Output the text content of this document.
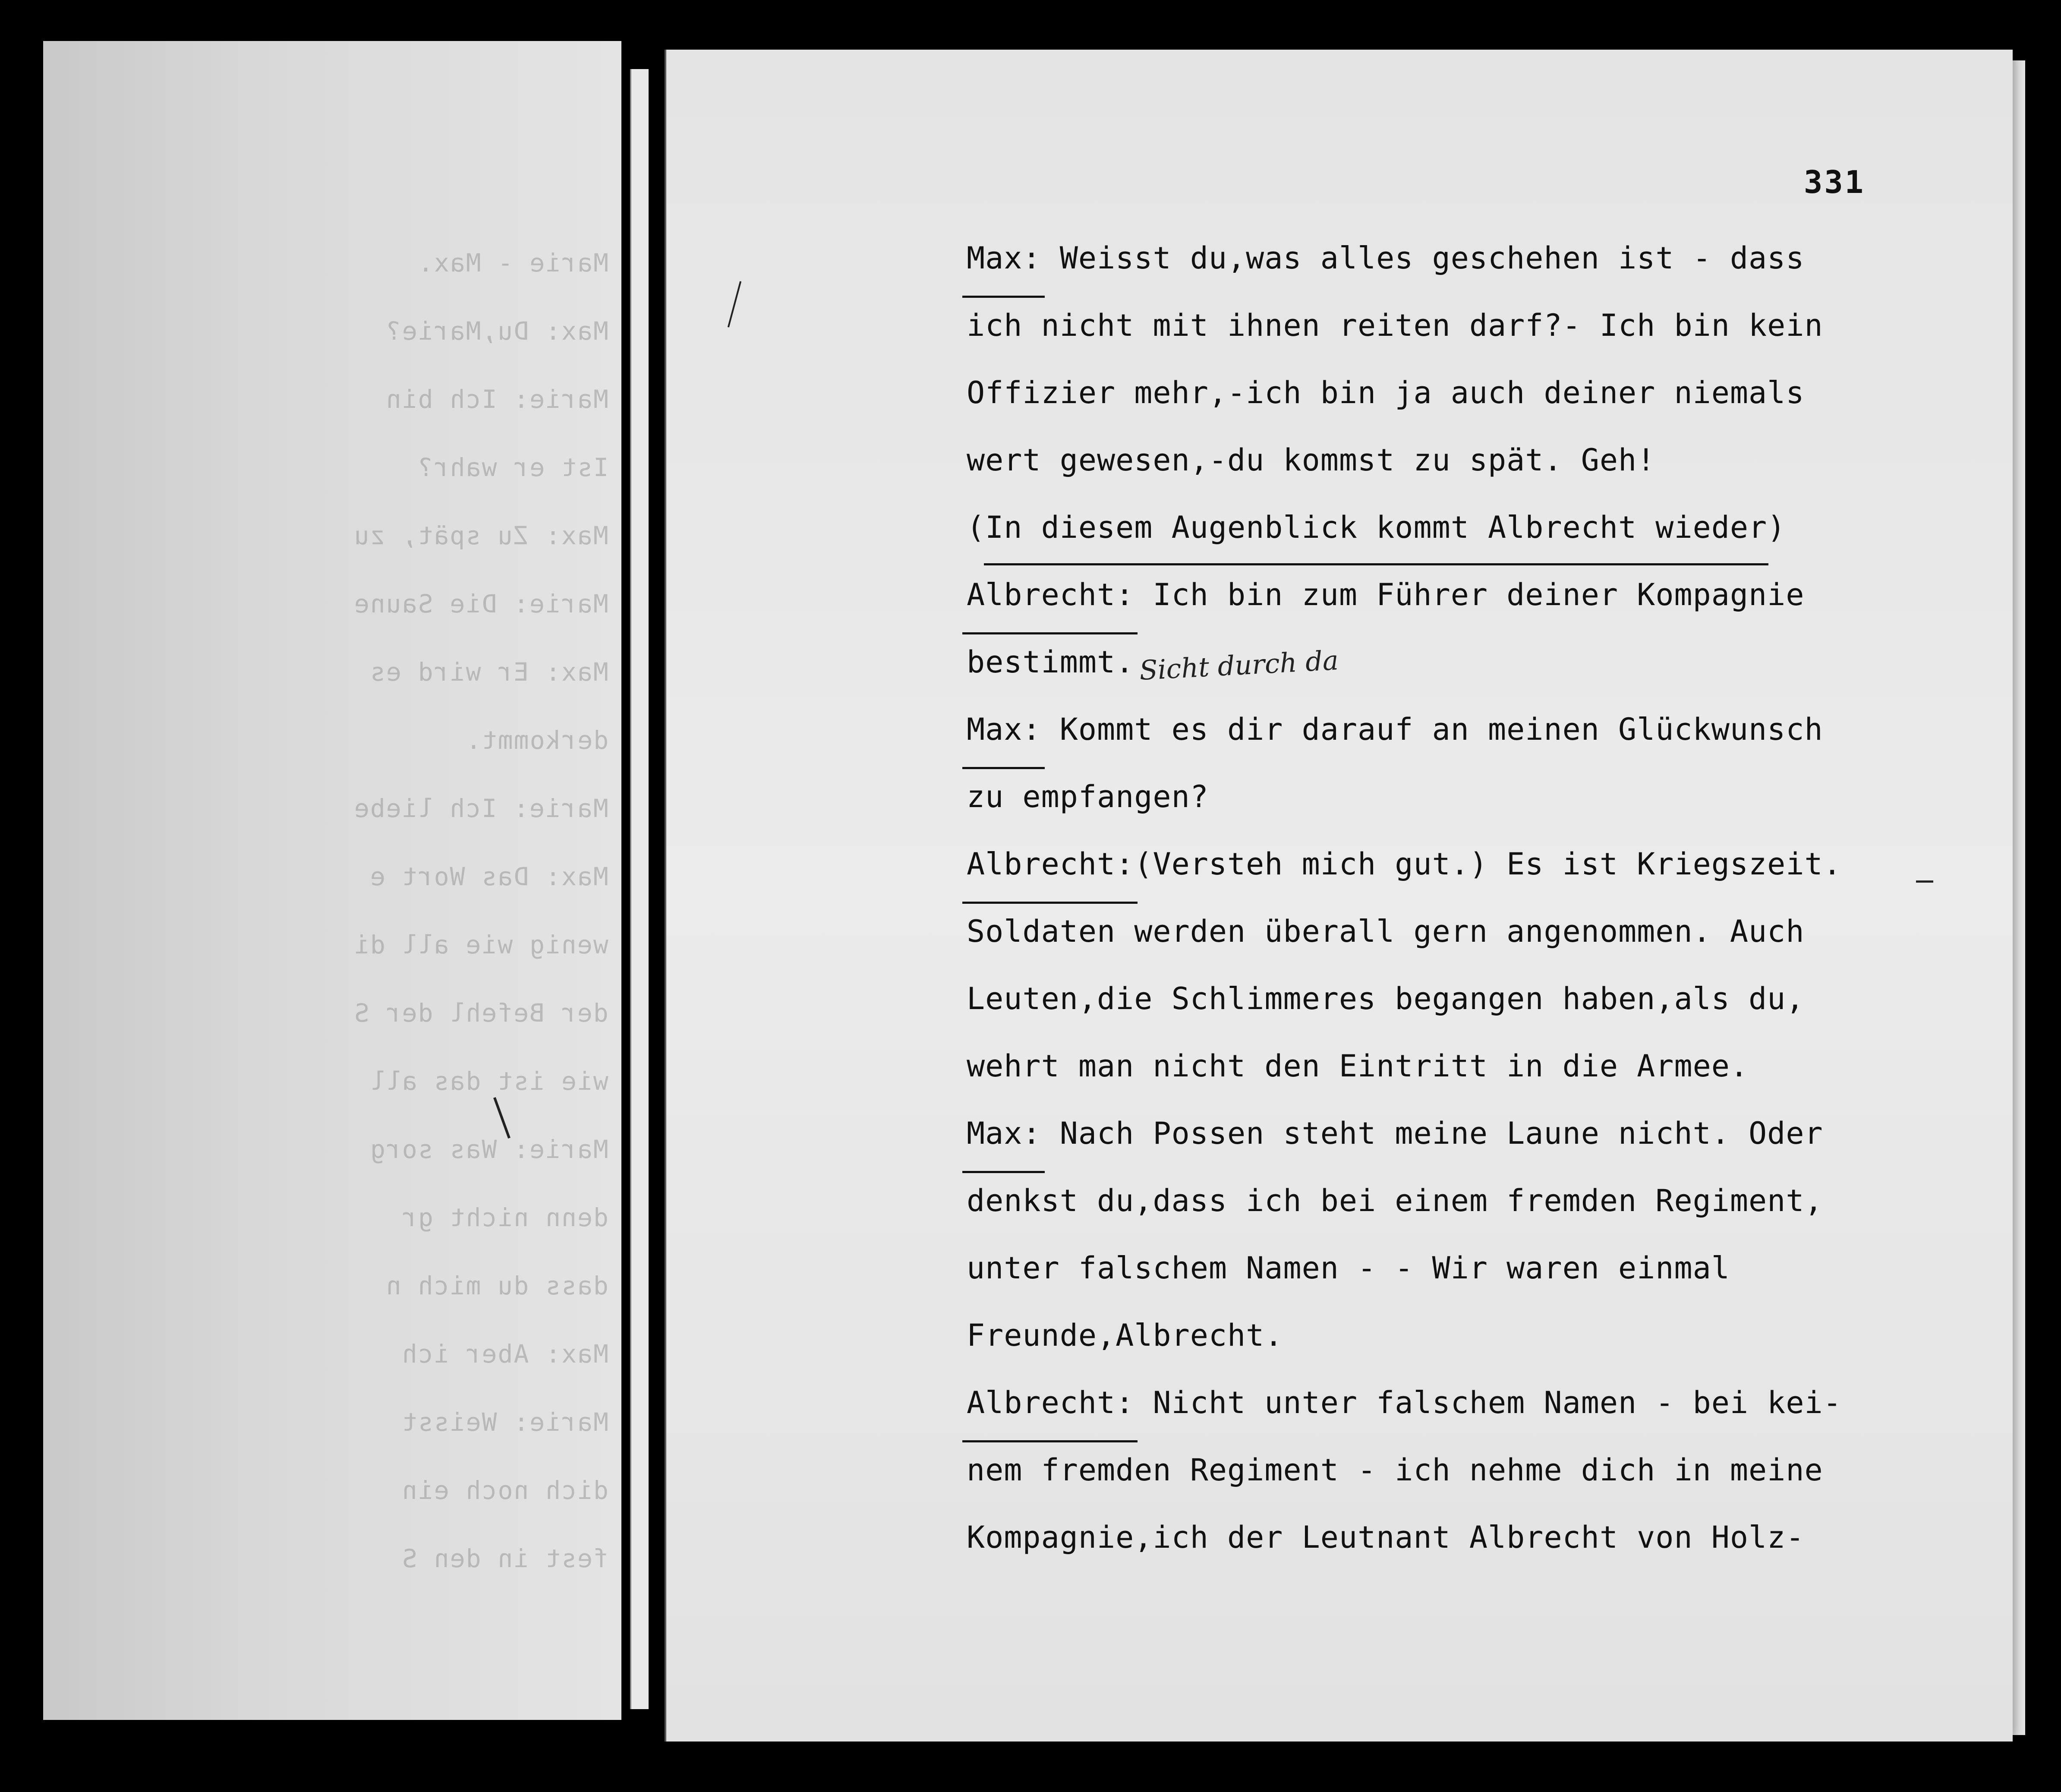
Marie - Max.
Max: Du,Marie?
Marie: Ich bin
Ist er wahr?
Max: Zu spät, zu
Marie: Die Saune
Max: Er wird es
derkommt.
Marie: Ich liebe
Max: Das Wort e
wenig wie all di
der Befehl der S
wie ist das all
Marie: Was sorg
denn nicht gr
dass du mich n
Max: Aber ich
Marie: Weisst
dich noch ein
fest in den S
331
Max: Weisst du,was alles geschehen ist - dass
ich nicht mit ihnen reiten darf?- Ich bin kein
Offizier mehr,-ich bin ja auch deiner niemals
wert gewesen,-du kommst zu spät. Geh!
(In diesem Augenblick kommt Albrecht wieder)
Albrecht: Ich bin zum Führer deiner Kompagnie
bestimmt.
Max: Kommt es dir darauf an meinen Glückwunsch
zu empfangen?
Albrecht:(Versteh mich gut.) Es ist Kriegszeit.
Soldaten werden überall gern angenommen. Auch
Leuten,die Schlimmeres begangen haben,als du,
wehrt man nicht den Eintritt in die Armee.
Max: Nach Possen steht meine Laune nicht. Oder
denkst du,dass ich bei einem fremden Regiment,
unter falschem Namen - - Wir waren einmal
Freunde,Albrecht.
Albrecht: Nicht unter falschem Namen - bei kei-
nem fremden Regiment - ich nehme dich in meine
Kompagnie,ich der Leutnant Albrecht von Holz-
Sicht durch da
